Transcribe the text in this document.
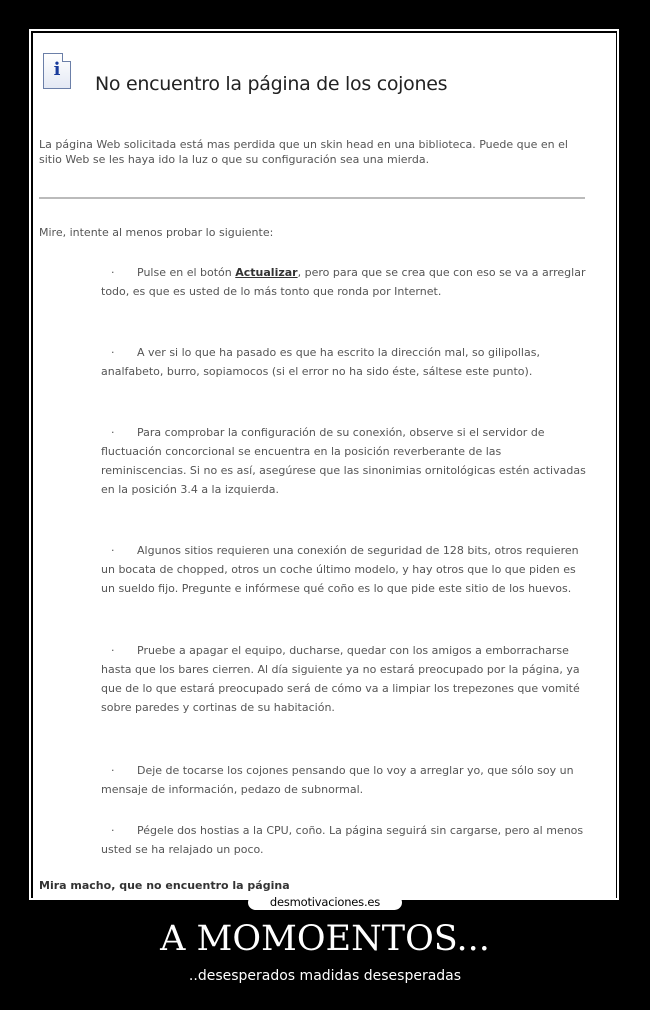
i
No encuentro la página de los cojones
La página Web solicitada está mas perdida que un skin head en una biblioteca. Puede que en el sitio Web se les haya ido la luz o que su configuración sea una mierda.
Mire, intente al menos probar lo siguiente:
· Pulse en el botón Actualizar, pero para que se crea que con eso se va a arreglar todo, es que es usted de lo más tonto que ronda por Internet.
· A ver si lo que ha pasado es que ha escrito la dirección mal, so gilipollas, analfabeto, burro, sopiamocos (si el error no ha sido éste, sáltese este punto).
· Para comprobar la configuración de su conexión, observe si el servidor de fluctuación concorcional se encuentra en la posición reverberante de las reminiscencias. Si no es así, asegúrese que las sinonimias ornitológicas estén activadas en la posición 3.4 a la izquierda.
· Algunos sitios requieren una conexión de seguridad de 128 bits, otros requieren un bocata de chopped, otros un coche último modelo, y hay otros que lo que piden es un sueldo fijo. Pregunte e infórmese qué coño es lo que pide este sitio de los huevos.
· Pruebe a apagar el equipo, ducharse, quedar con los amigos a emborracharse hasta que los bares cierren. Al día siguiente ya no estará preocupado por la página, ya que de lo que estará preocupado será de cómo va a limpiar los trepezones que vomité sobre paredes y cortinas de su habitación.
· Deje de tocarse los cojones pensando que lo voy a arreglar yo, que sólo soy un mensaje de información, pedazo de subnormal.
· Pégele dos hostias a la CPU, coño. La página seguirá sin cargarse, pero al menos usted se ha relajado un poco.
Mira macho, que no encuentro la página
desmotivaciones.es
A MOMOENTOS...
..desesperados madidas desesperadas
